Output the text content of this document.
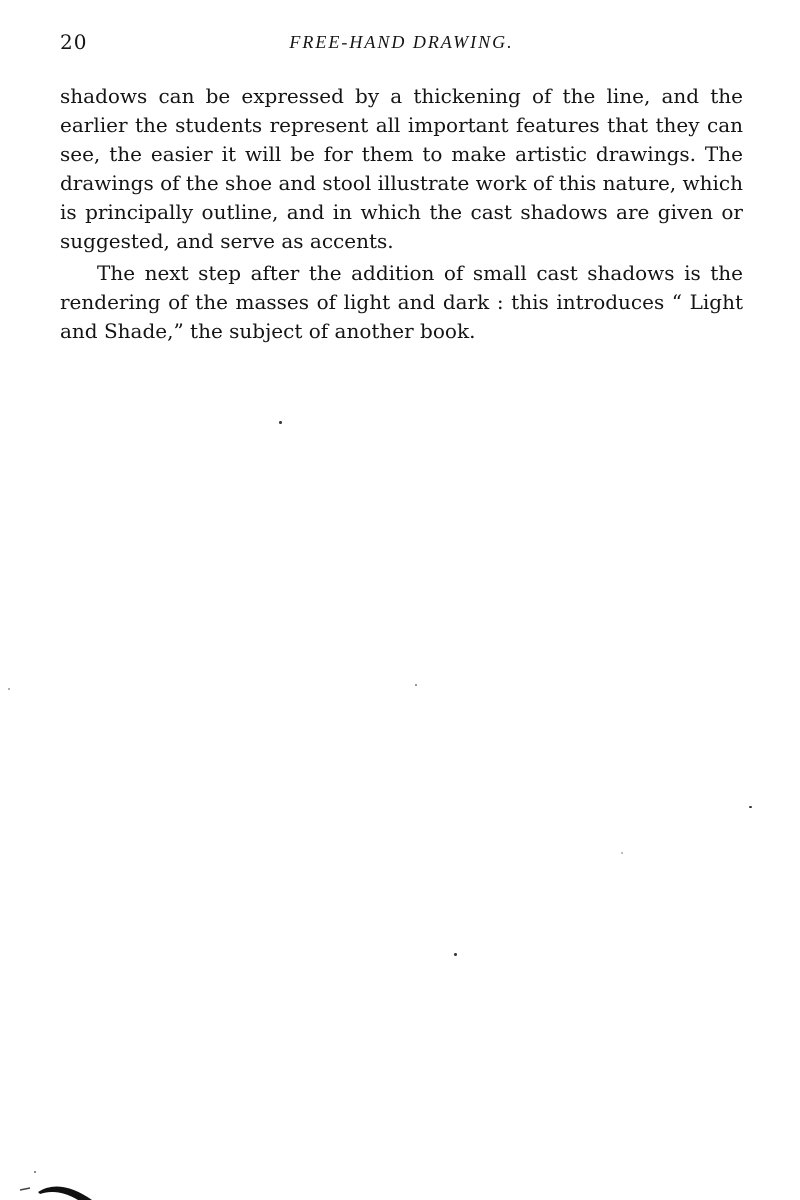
20	FREE-HAND DRAWING.

shadows can be expressed by a thickening of the line, and the earlier the students represent all important features that they can see, the easier it will be for them to make artistic drawings. The drawings of the shoe and stool illustrate work of this nature, which is principally outline, and in which the cast shadows are given or suggested, and serve as accents.

The next step after the addition of small cast shadows is the rendering of the masses of light and dark : this introduces “ Light and Shade,” the subject of another book.
